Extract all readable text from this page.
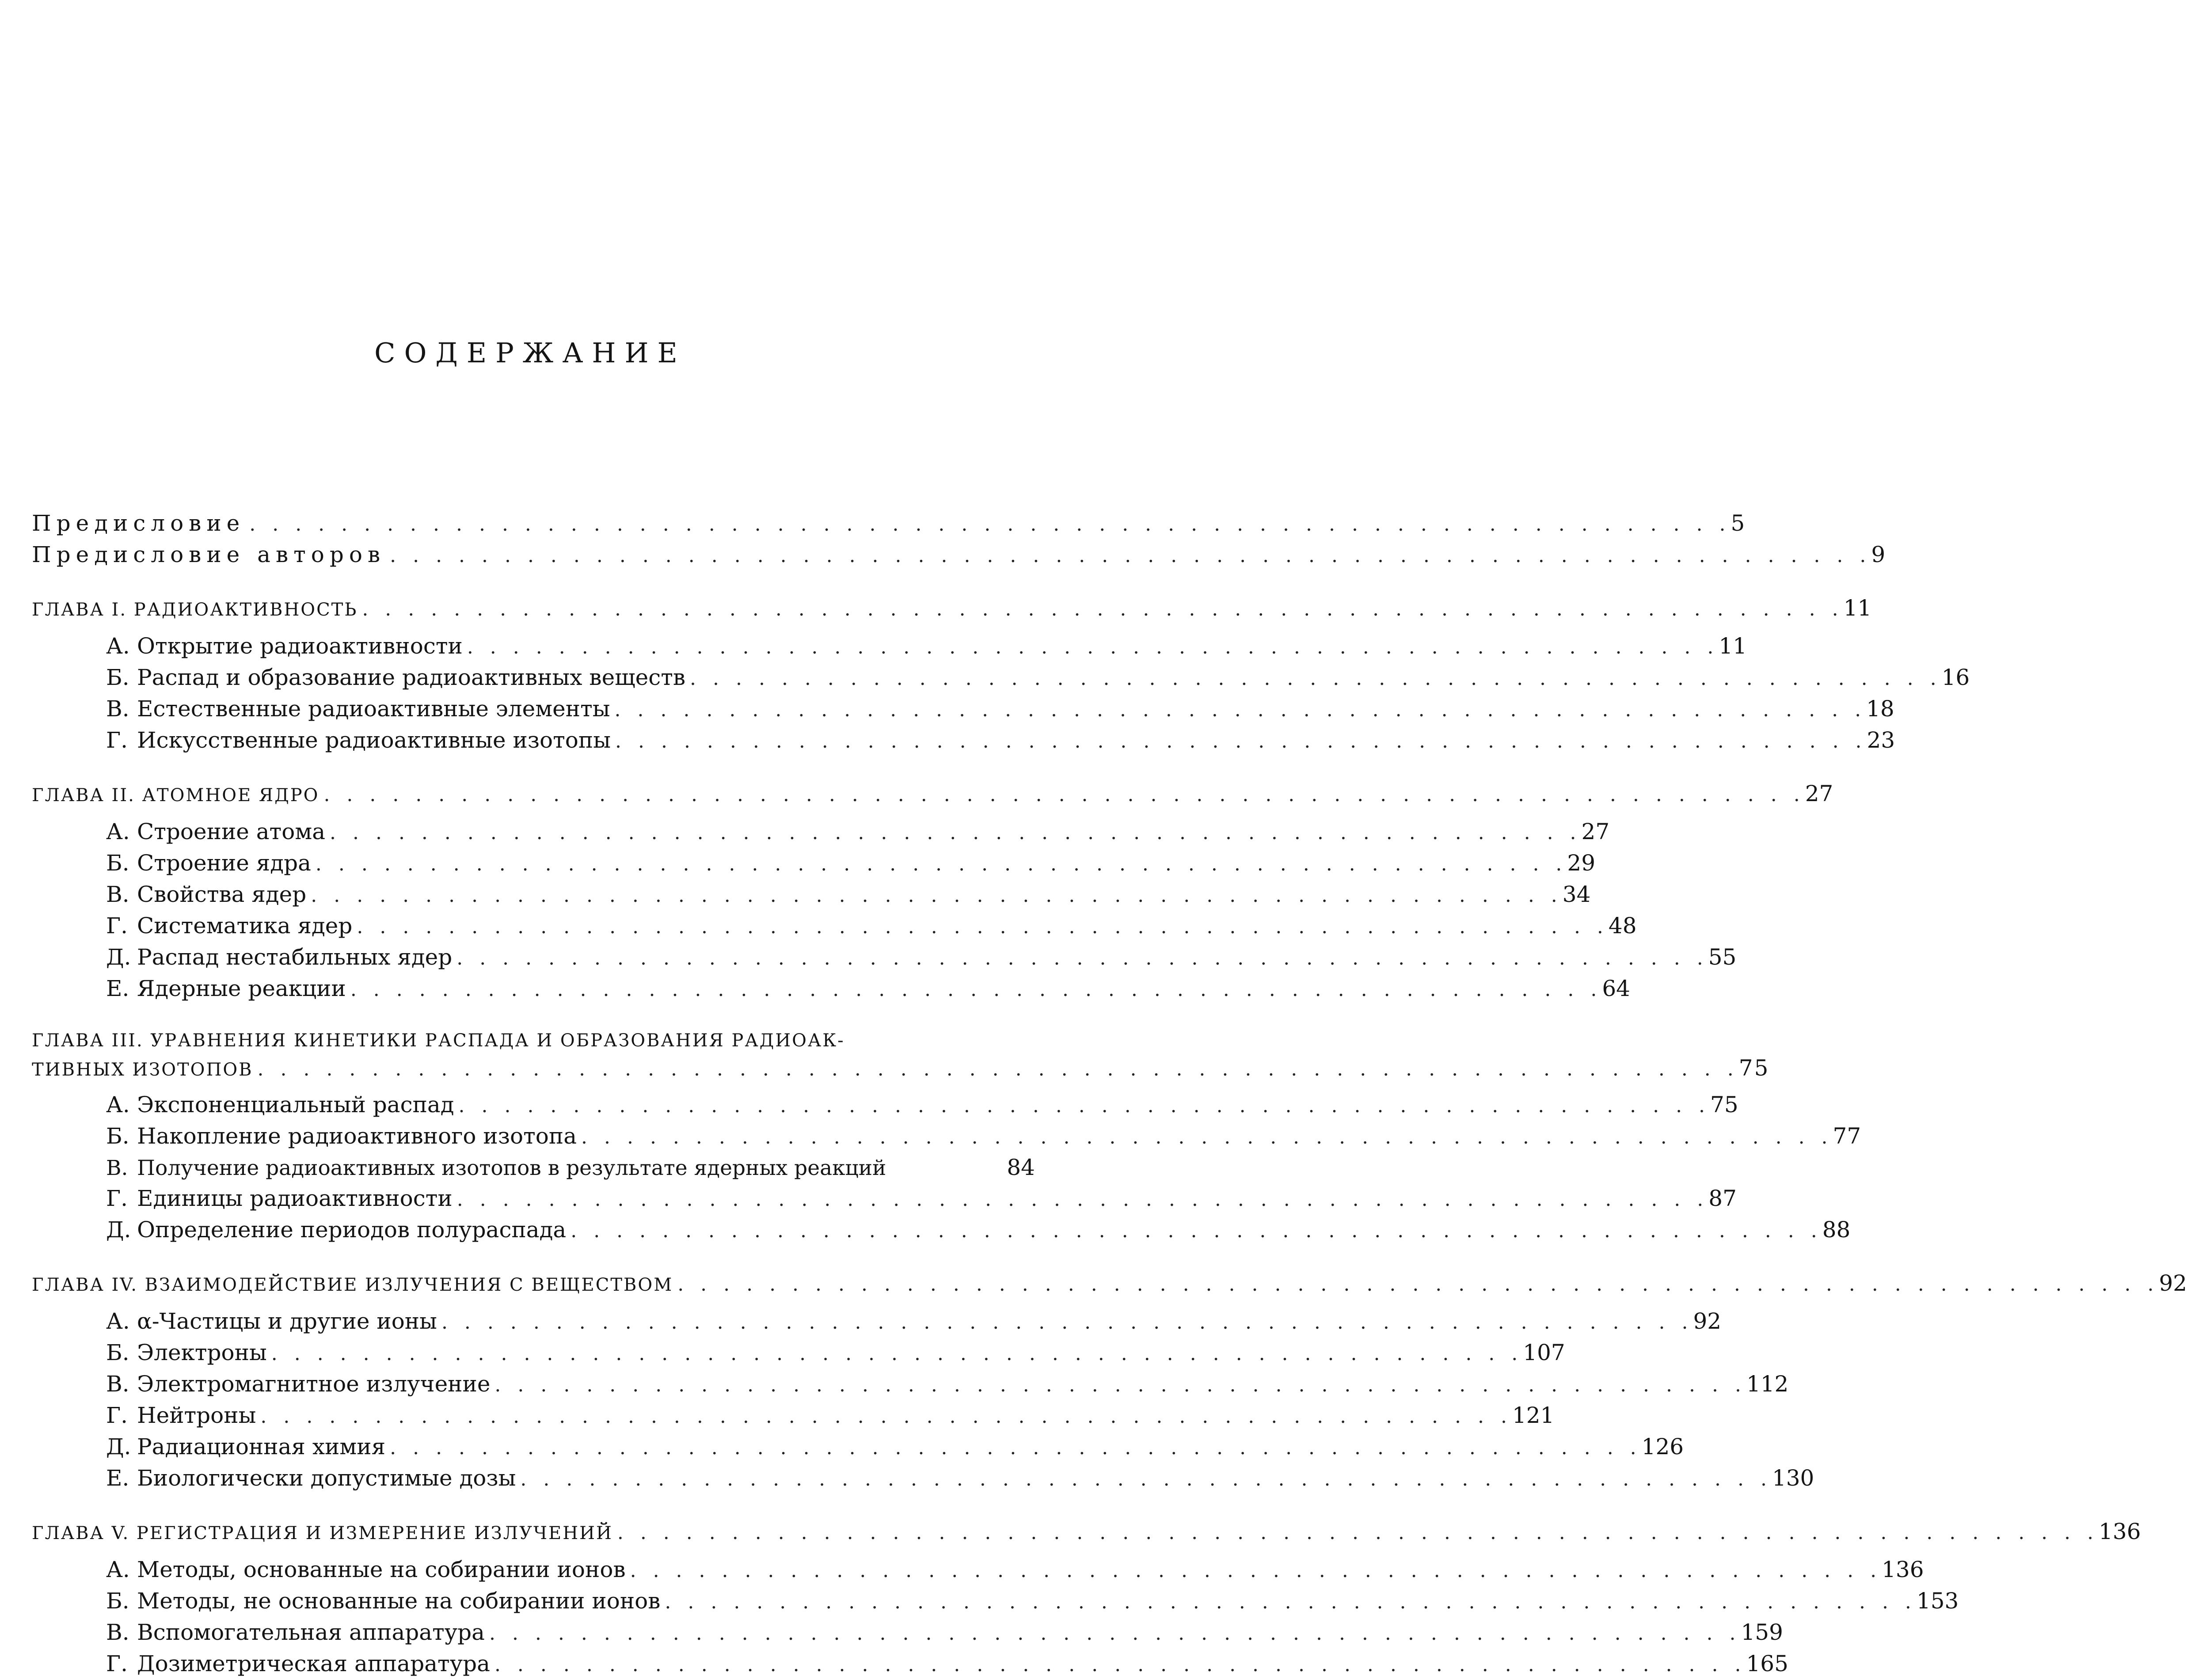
СОДЕРЖАНИЕ
Предисловие . . . . . . . . . . . . . . . . . . . . . . . . . . . . . . . . . . . . . . . . . . . . . . . . . . . . . . . . . . . . . . . . . 5
Предисловие авторов . . . . . . . . . . . . . . . . . . . . . . . . . . . . . . . . . . . . . . . . . . . . . . . . . . . . . . . . . . . . . . . . . 9
ГЛАВА I. РАДИОАКТИВНОСТЬ . . . . . . . . . . . . . . . . . . . . . . . . . . . . . . . . . . . . . . . . . . . . . . . . . . . . . . . . . . . . . . . . . 11
А. Открытие радиоактивности . . . . . . . . . . . . . . . . . . . . . . . . . . . . . . . . . . . . . . . . . . . . . . . . . . . . . . . 11
Б. Распад и образование радиоактивных веществ . . . . . . . . . . . . . . . . . . . . . . . . . . . . . . . . . . . . . . . . . . . . . . . . . . . . . . . 16
В. Естественные радиоактивные элементы . . . . . . . . . . . . . . . . . . . . . . . . . . . . . . . . . . . . . . . . . . . . . . . . . . . . . . . 18
Г. Искусственные радиоактивные изотопы . . . . . . . . . . . . . . . . . . . . . . . . . . . . . . . . . . . . . . . . . . . . . . . . . . . . . . . 23
ГЛАВА II. АТОМНОЕ ЯДРО . . . . . . . . . . . . . . . . . . . . . . . . . . . . . . . . . . . . . . . . . . . . . . . . . . . . . . . . . . . . . . . . . 27
А. Строение атома . . . . . . . . . . . . . . . . . . . . . . . . . . . . . . . . . . . . . . . . . . . . . . . . . . . . . . . 27
Б. Строение ядра . . . . . . . . . . . . . . . . . . . . . . . . . . . . . . . . . . . . . . . . . . . . . . . . . . . . . . . 29
В. Свойства ядер . . . . . . . . . . . . . . . . . . . . . . . . . . . . . . . . . . . . . . . . . . . . . . . . . . . . . . . 34
Г. Систематика ядер . . . . . . . . . . . . . . . . . . . . . . . . . . . . . . . . . . . . . . . . . . . . . . . . . . . . . . . 48
Д. Распад нестабильных ядер . . . . . . . . . . . . . . . . . . . . . . . . . . . . . . . . . . . . . . . . . . . . . . . . . . . . . . . 55
Е. Ядерные реакции . . . . . . . . . . . . . . . . . . . . . . . . . . . . . . . . . . . . . . . . . . . . . . . . . . . . . . . 64
ГЛАВА III. УРАВНЕНИЯ КИНЕТИКИ РАСПАДА И ОБРАЗОВАНИЯ РАДИОАК-
ТИВНЫХ ИЗОТОПОВ . . . . . . . . . . . . . . . . . . . . . . . . . . . . . . . . . . . . . . . . . . . . . . . . . . . . . . . . . . . . . . . . . 75
А. Экспоненциальный распад . . . . . . . . . . . . . . . . . . . . . . . . . . . . . . . . . . . . . . . . . . . . . . . . . . . . . . . 75
Б. Накопление радиоактивного изотопа . . . . . . . . . . . . . . . . . . . . . . . . . . . . . . . . . . . . . . . . . . . . . . . . . . . . . . . 77
В. Получение радиоактивных изотопов в результате ядерных реакций	84
Г. Единицы радиоактивности . . . . . . . . . . . . . . . . . . . . . . . . . . . . . . . . . . . . . . . . . . . . . . . . . . . . . . . 87
Д. Определение периодов полураспада . . . . . . . . . . . . . . . . . . . . . . . . . . . . . . . . . . . . . . . . . . . . . . . . . . . . . . . 88
ГЛАВА IV. ВЗАИМОДЕЙСТВИЕ ИЗЛУЧЕНИЯ С ВЕЩЕСТВОМ . . . . . . . . . . . . . . . . . . . . . . . . . . . . . . . . . . . . . . . . . . . . . . . . . . . . . . . . . . . . . . . . . 92
А. α-Частицы и другие ионы . . . . . . . . . . . . . . . . . . . . . . . . . . . . . . . . . . . . . . . . . . . . . . . . . . . . . . . 92
Б. Электроны . . . . . . . . . . . . . . . . . . . . . . . . . . . . . . . . . . . . . . . . . . . . . . . . . . . . . . . 107
В. Электромагнитное излучение . . . . . . . . . . . . . . . . . . . . . . . . . . . . . . . . . . . . . . . . . . . . . . . . . . . . . . . 112
Г. Нейтроны . . . . . . . . . . . . . . . . . . . . . . . . . . . . . . . . . . . . . . . . . . . . . . . . . . . . . . . 121
Д. Радиационная химия . . . . . . . . . . . . . . . . . . . . . . . . . . . . . . . . . . . . . . . . . . . . . . . . . . . . . . . 126
Е. Биологически допустимые дозы . . . . . . . . . . . . . . . . . . . . . . . . . . . . . . . . . . . . . . . . . . . . . . . . . . . . . . . 130
ГЛАВА V. РЕГИСТРАЦИЯ И ИЗМЕРЕНИЕ ИЗЛУЧЕНИЙ . . . . . . . . . . . . . . . . . . . . . . . . . . . . . . . . . . . . . . . . . . . . . . . . . . . . . . . . . . . . . . . . . 136
А. Методы, основанные на собирании ионов . . . . . . . . . . . . . . . . . . . . . . . . . . . . . . . . . . . . . . . . . . . . . . . . . . . . . . . 136
Б. Методы, не основанные на собирании ионов . . . . . . . . . . . . . . . . . . . . . . . . . . . . . . . . . . . . . . . . . . . . . . . . . . . . . . . 153
В. Вспомогательная аппаратура . . . . . . . . . . . . . . . . . . . . . . . . . . . . . . . . . . . . . . . . . . . . . . . . . . . . . . . 159
Г. Дозиметрическая аппаратура . . . . . . . . . . . . . . . . . . . . . . . . . . . . . . . . . . . . . . . . . . . . . . . . . . . . . . . 165
